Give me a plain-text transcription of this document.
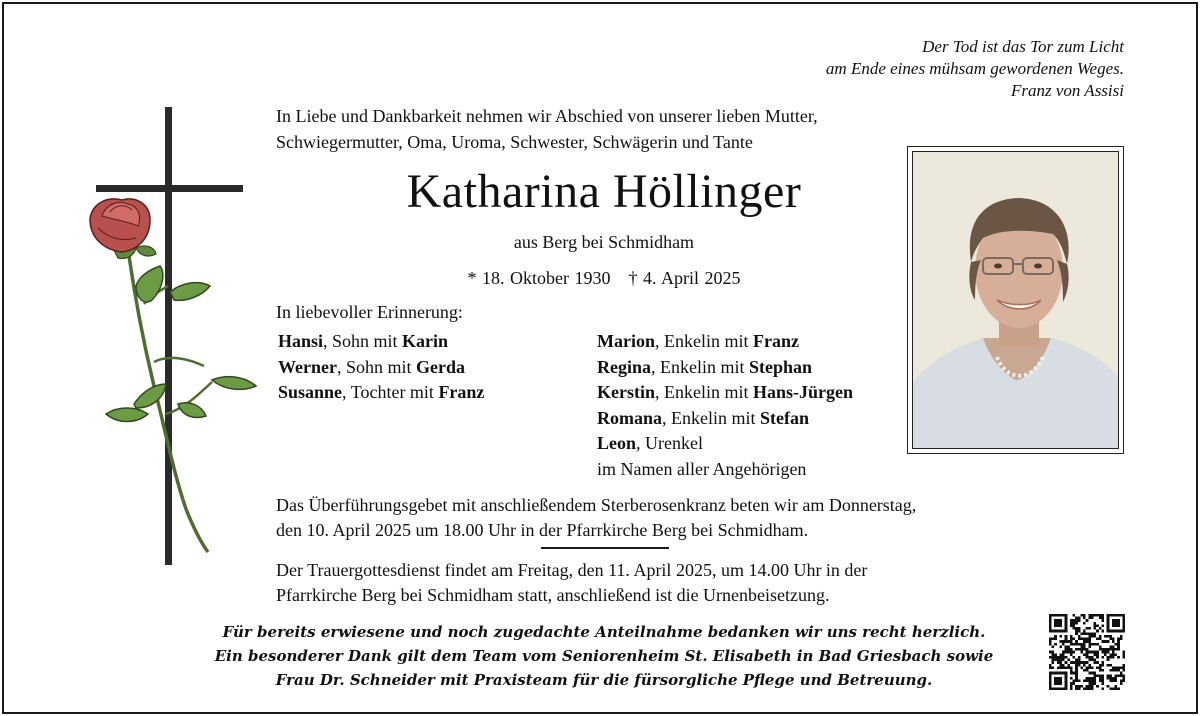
Der Tod ist das Tor zum Licht
am Ende eines mühsam gewordenen Weges.
Franz von Assisi
In Liebe und Dankbarkeit nehmen wir Abschied von unserer lieben Mutter,
Schwiegermutter, Oma, Uroma, Schwester, Schwägerin und Tante
Katharina Höllinger
aus Berg bei Schmidham
* 18. Oktober 1930 † 4. April 2025
In liebevoller Erinnerung:
Hansi, Sohn mit Karin
Werner, Sohn mit Gerda
Susanne, Tochter mit Franz
Marion, Enkelin mit Franz
Regina, Enkelin mit Stephan
Kerstin, Enkelin mit Hans-Jürgen
Romana, Enkelin mit Stefan
Leon, Urenkel
im Namen aller Angehörigen
Das Überführungsgebet mit anschließendem Sterberosenkranz beten wir am Donnerstag,
den 10. April 2025 um 18.00 Uhr in der Pfarrkirche Berg bei Schmidham.
Der Trauergottesdienst findet am Freitag, den 11. April 2025, um 14.00 Uhr in der
Pfarrkirche Berg bei Schmidham statt, anschließend ist die Urnenbeisetzung.
Für bereits erwiesene und noch zugedachte Anteilnahme bedanken wir uns recht herzlich.
Ein besonderer Dank gilt dem Team vom Seniorenheim St. Elisabeth in Bad Griesbach sowie
Frau Dr. Schneider mit Praxisteam für die fürsorgliche Pflege und Betreuung.
